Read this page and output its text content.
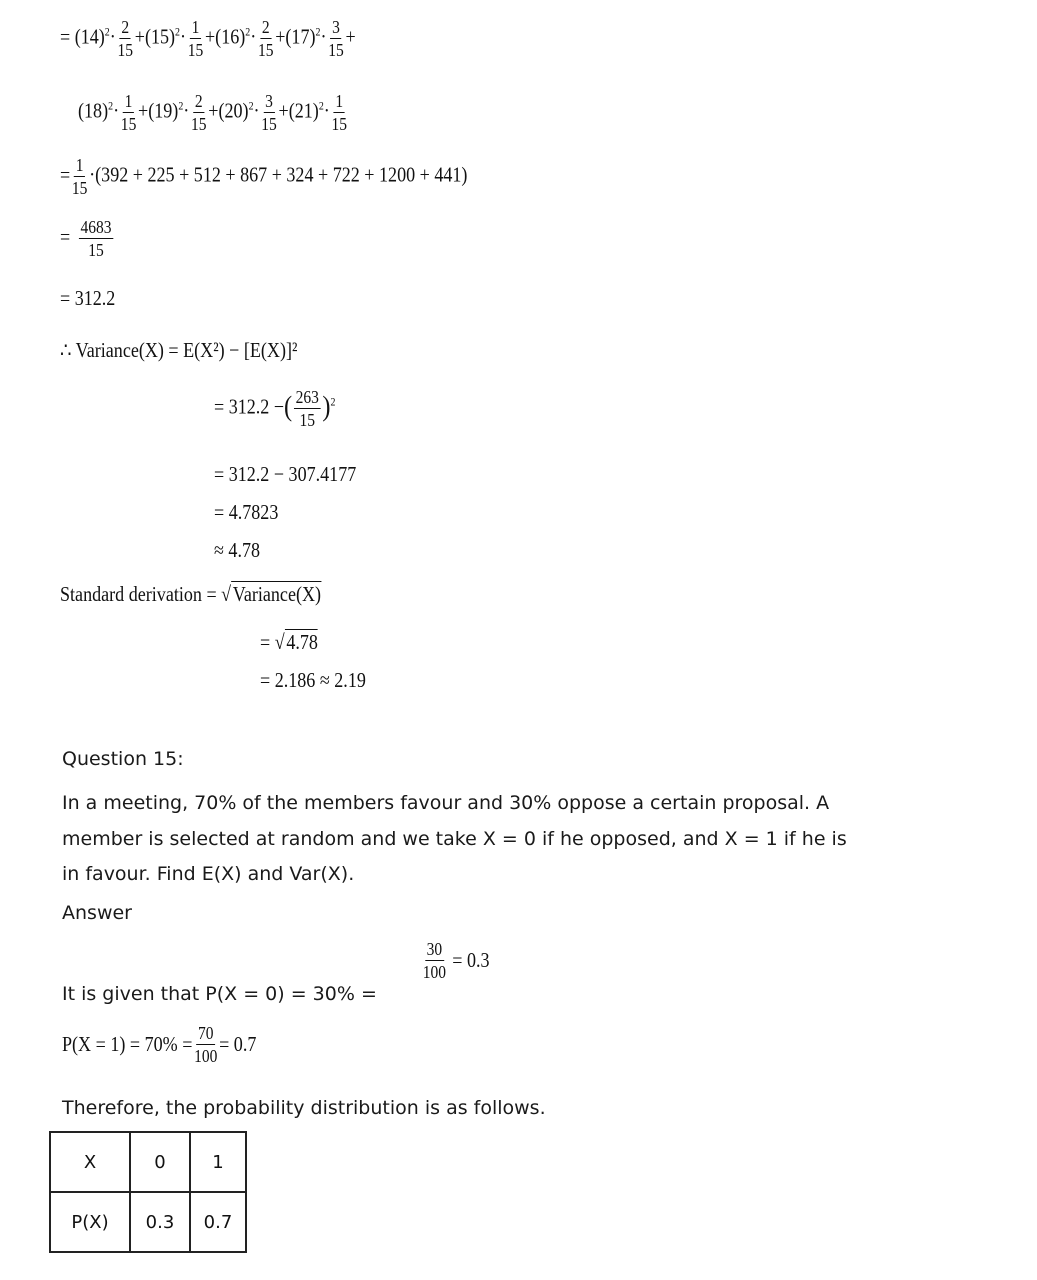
= $(14)^2\cdot \frac{2}{15} +(15)^2\cdot \frac{1}{15} +(16)^2\cdot \frac{2}{15} +(17)^2\cdot \frac{3}{15}$ +
$(18)^2\cdot \frac{1}{15} +(19)^2\cdot \frac{2}{15} +(20)^2\cdot \frac{3}{15} +(21)^2\cdot \frac{1}{15}$
= $\frac{1}{15} \cdot(392 + 225 + 512 + 867 + 324 + 722 + 1200 + 441)$
= $\frac{4683}{15}$
= 312.2
∴ Variance(X) = E(X²) − [E(X)]²
= 312.2 −( $\frac{263}{15} )^2$
= 312.2 − 307.4177
= 4.7823
≈ 4.78
Standard derivation = √Variance(X)
= √4.78
= 2.186 ≈ 2.19
Question 15:
In a meeting, 70% of the members favour and 30% oppose a certain proposal. A
member is selected at random and we take X = 0 if he opposed, and X = 1 if he is
in favour. Find E(X) and Var(X).
Answer
It is given that P(X = 0) = 30% =
$\frac{30}{100} = 0.3$
$P(X = 1) = 70\% = \frac{70}{100} = 0.7$
Therefore, the probability distribution is as follows.
X	0	1
P(X)	0.3	0.7
